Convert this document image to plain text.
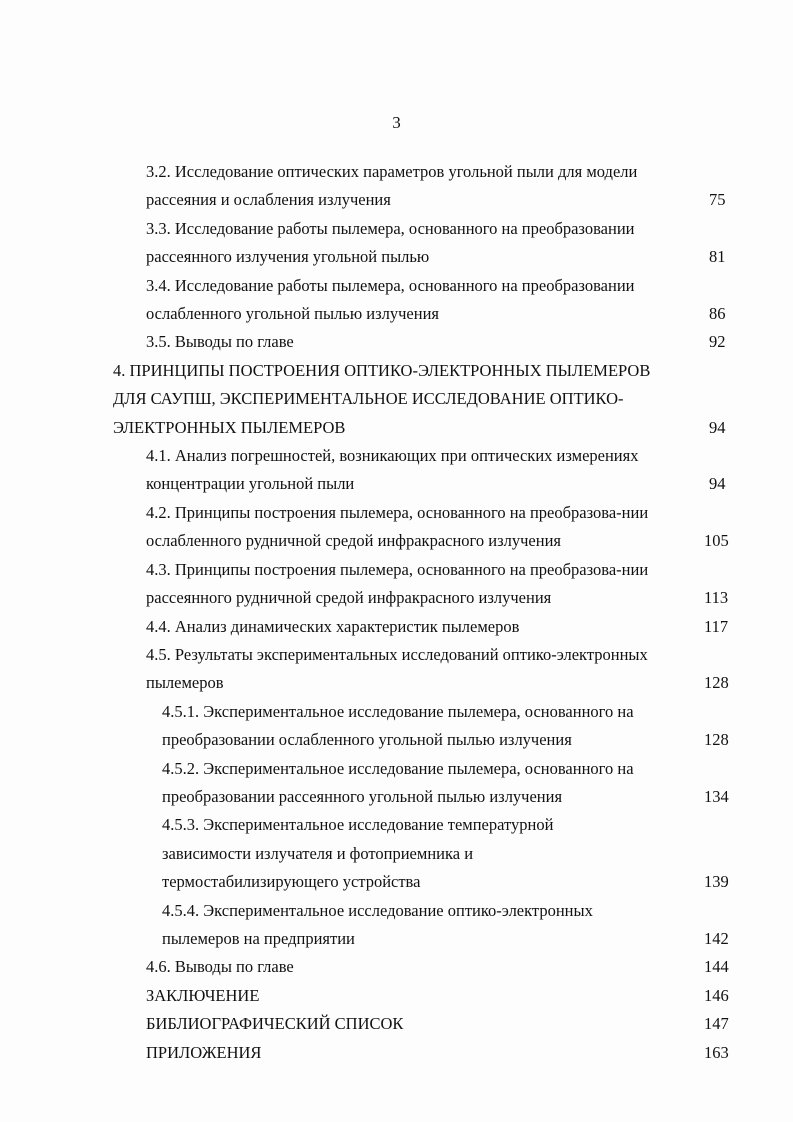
3
3.2. Исследование оптических параметров угольной пыли для модели рассеяния и ослабления излучения	75
3.3. Исследование работы пылемера, основанного на преобразовании рассеянного излучения угольной пылью	81
3.4. Исследование работы пылемера, основанного на преобразовании ослабленного угольной пылью излучения	86
3.5. Выводы по главе	92
4. ПРИНЦИПЫ ПОСТРОЕНИЯ ОПТИКО-ЭЛЕКТРОННЫХ ПЫЛЕМЕРОВ ДЛЯ САУПШ, ЭКСПЕРИМЕНТАЛЬНОЕ ИССЛЕДОВАНИЕ ОПТИКО-ЭЛЕКТРОННЫХ ПЫЛЕМЕРОВ	94
4.1. Анализ погрешностей, возникающих при оптических измерениях концентрации угольной пыли	94
4.2. Принципы построения пылемера, основанного на преобразова-нии ослабленного рудничной средой инфракрасного излучения	105
4.3. Принципы построения пылемера, основанного на преобразова-нии рассеянного рудничной средой инфракрасного излучения	113
4.4. Анализ динамических характеристик пылемеров	117
4.5. Результаты экспериментальных исследований оптико-электронных пылемеров	128
4.5.1. Экспериментальное исследование пылемера, основанного на преобразовании ослабленного угольной пылью излучения	128
4.5.2. Экспериментальное исследование пылемера, основанного на преобразовании рассеянного угольной пылью излучения	134
4.5.3. Экспериментальное исследование температурной зависимости излучателя и фотоприемника и термостабилизирующего устройства	139
4.5.4. Экспериментальное исследование оптико-электронных пылемеров на предприятии	142
4.6. Выводы по главе	144
ЗАКЛЮЧЕНИЕ	146
БИБЛИОГРАФИЧЕСКИЙ СПИСОК	147
ПРИЛОЖЕНИЯ	163
